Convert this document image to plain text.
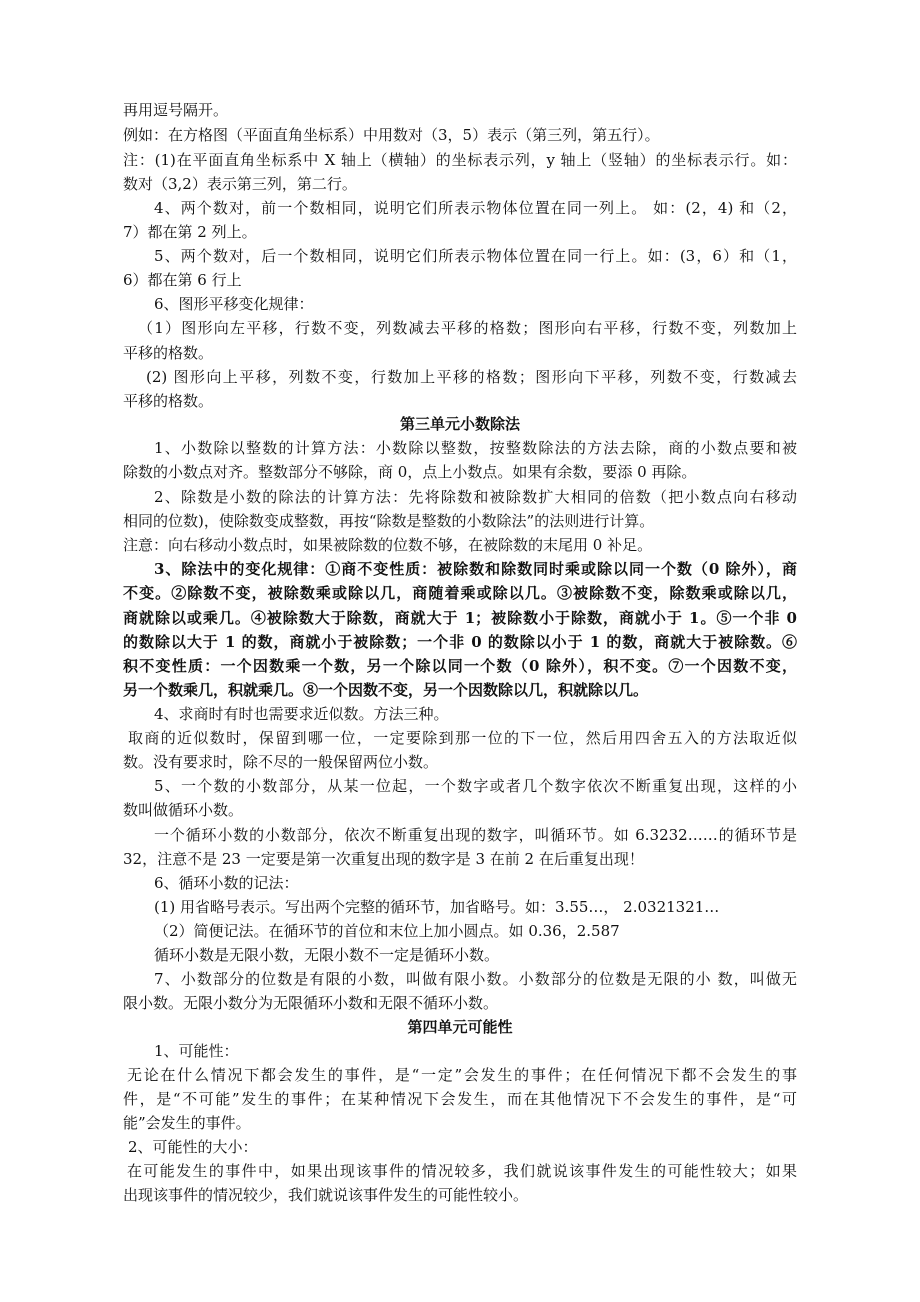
再用逗号隔开。
例如：在方格图（平面直角坐标系）中用数对（3，5）表示（第三列，第五行）。
注：(1)在平面直角坐标系中 X 轴上（横轴）的坐标表示列，y 轴上（竖轴）的坐标表示行。如：
数对（3,2）表示第三列，第二行。
4、两个数对，前一个数相同，说明它们所表示物体位置在同一列上。 如：(2，4) 和（2，
7）都在第 2 列上。
5、两个数对，后一个数相同，说明它们所表示物体位置在同一行上。如：(3，6）和（1，
6）都在第 6 行上
6、图形平移变化规律：
（1）图形向左平移，行数不变，列数减去平移的格数；图形向右平移，行数不变，列数加上
平移的格数。
(2) 图形向上平移，列数不变，行数加上平移的格数；图形向下平移，列数不变，行数减去
平移的格数。
第三单元小数除法
1、小数除以整数的计算方法：小数除以整数，按整数除法的方法去除，商的小数点要和被
除数的小数点对齐。整数部分不够除，商 0，点上小数点。如果有余数，要添 0 再除。
2、除数是小数的除法的计算方法：先将除数和被除数扩大相同的倍数（把小数点向右移动
相同的位数)，使除数变成整数，再按“除数是整数的小数除法”的法则进行计算。
注意：向右移动小数点时，如果被除数的位数不够，在被除数的末尾用 0 补足。
3、除法中的变化规律：①商不变性质：被除数和除数同时乘或除以同一个数（0 除外），商
不变。②除数不变，被除数乘或除以几，商随着乘或除以几。③被除数不变，除数乘或除以几，
商就除以或乘几。④被除数大于除数，商就大于 1；被除数小于除数，商就小于 1。⑤一个非 0
的数除以大于 1 的数，商就小于被除数；一个非 0 的数除以小于 1 的数，商就大于被除数。⑥
积不变性质：一个因数乘一个数，另一个除以同一个数（0 除外），积不变。⑦一个因数不变，
另一个数乘几，积就乘几。⑧一个因数不变，另一个因数除以几，积就除以几。
4、求商时有时也需要求近似数。方法三种。
取商的近似数时，保留到哪一位，一定要除到那一位的下一位，然后用四舍五入的方法取近似
数。没有要求时，除不尽的一般保留两位小数。
5、一个数的小数部分，从某一位起，一个数字或者几个数字依次不断重复出现，这样的小
数叫做循环小数。
一个循环小数的小数部分，依次不断重复出现的数字，叫循环节。如 6.3232……的循环节是
32，注意不是 23 一定要是第一次重复出现的数字是 3 在前 2 在后重复出现！
6、循环小数的记法：
(1) 用省略号表示。写出两个完整的循环节，加省略号。如：3.55…， 2.0321321…
（2）简便记法。在循环节的首位和末位上加小圆点。如 0.36，2.587
循环小数是无限小数，无限小数不一定是循环小数。
7、小数部分的位数是有限的小数，叫做有限小数。小数部分的位数是无限的小 数，叫做无
限小数。无限小数分为无限循环小数和无限不循环小数。
第四单元可能性
1、可能性：
无论在什么情况下都会发生的事件，是“一定”会发生的事件；在任何情况下都不会发生的事
件，是“不可能”发生的事件；在某种情况下会发生，而在其他情况下不会发生的事件，是“可
能”会发生的事件。
2、可能性的大小：
在可能发生的事件中，如果出现该事件的情况较多，我们就说该事件发生的可能性较大；如果
出现该事件的情况较少，我们就说该事件发生的可能性较小。
